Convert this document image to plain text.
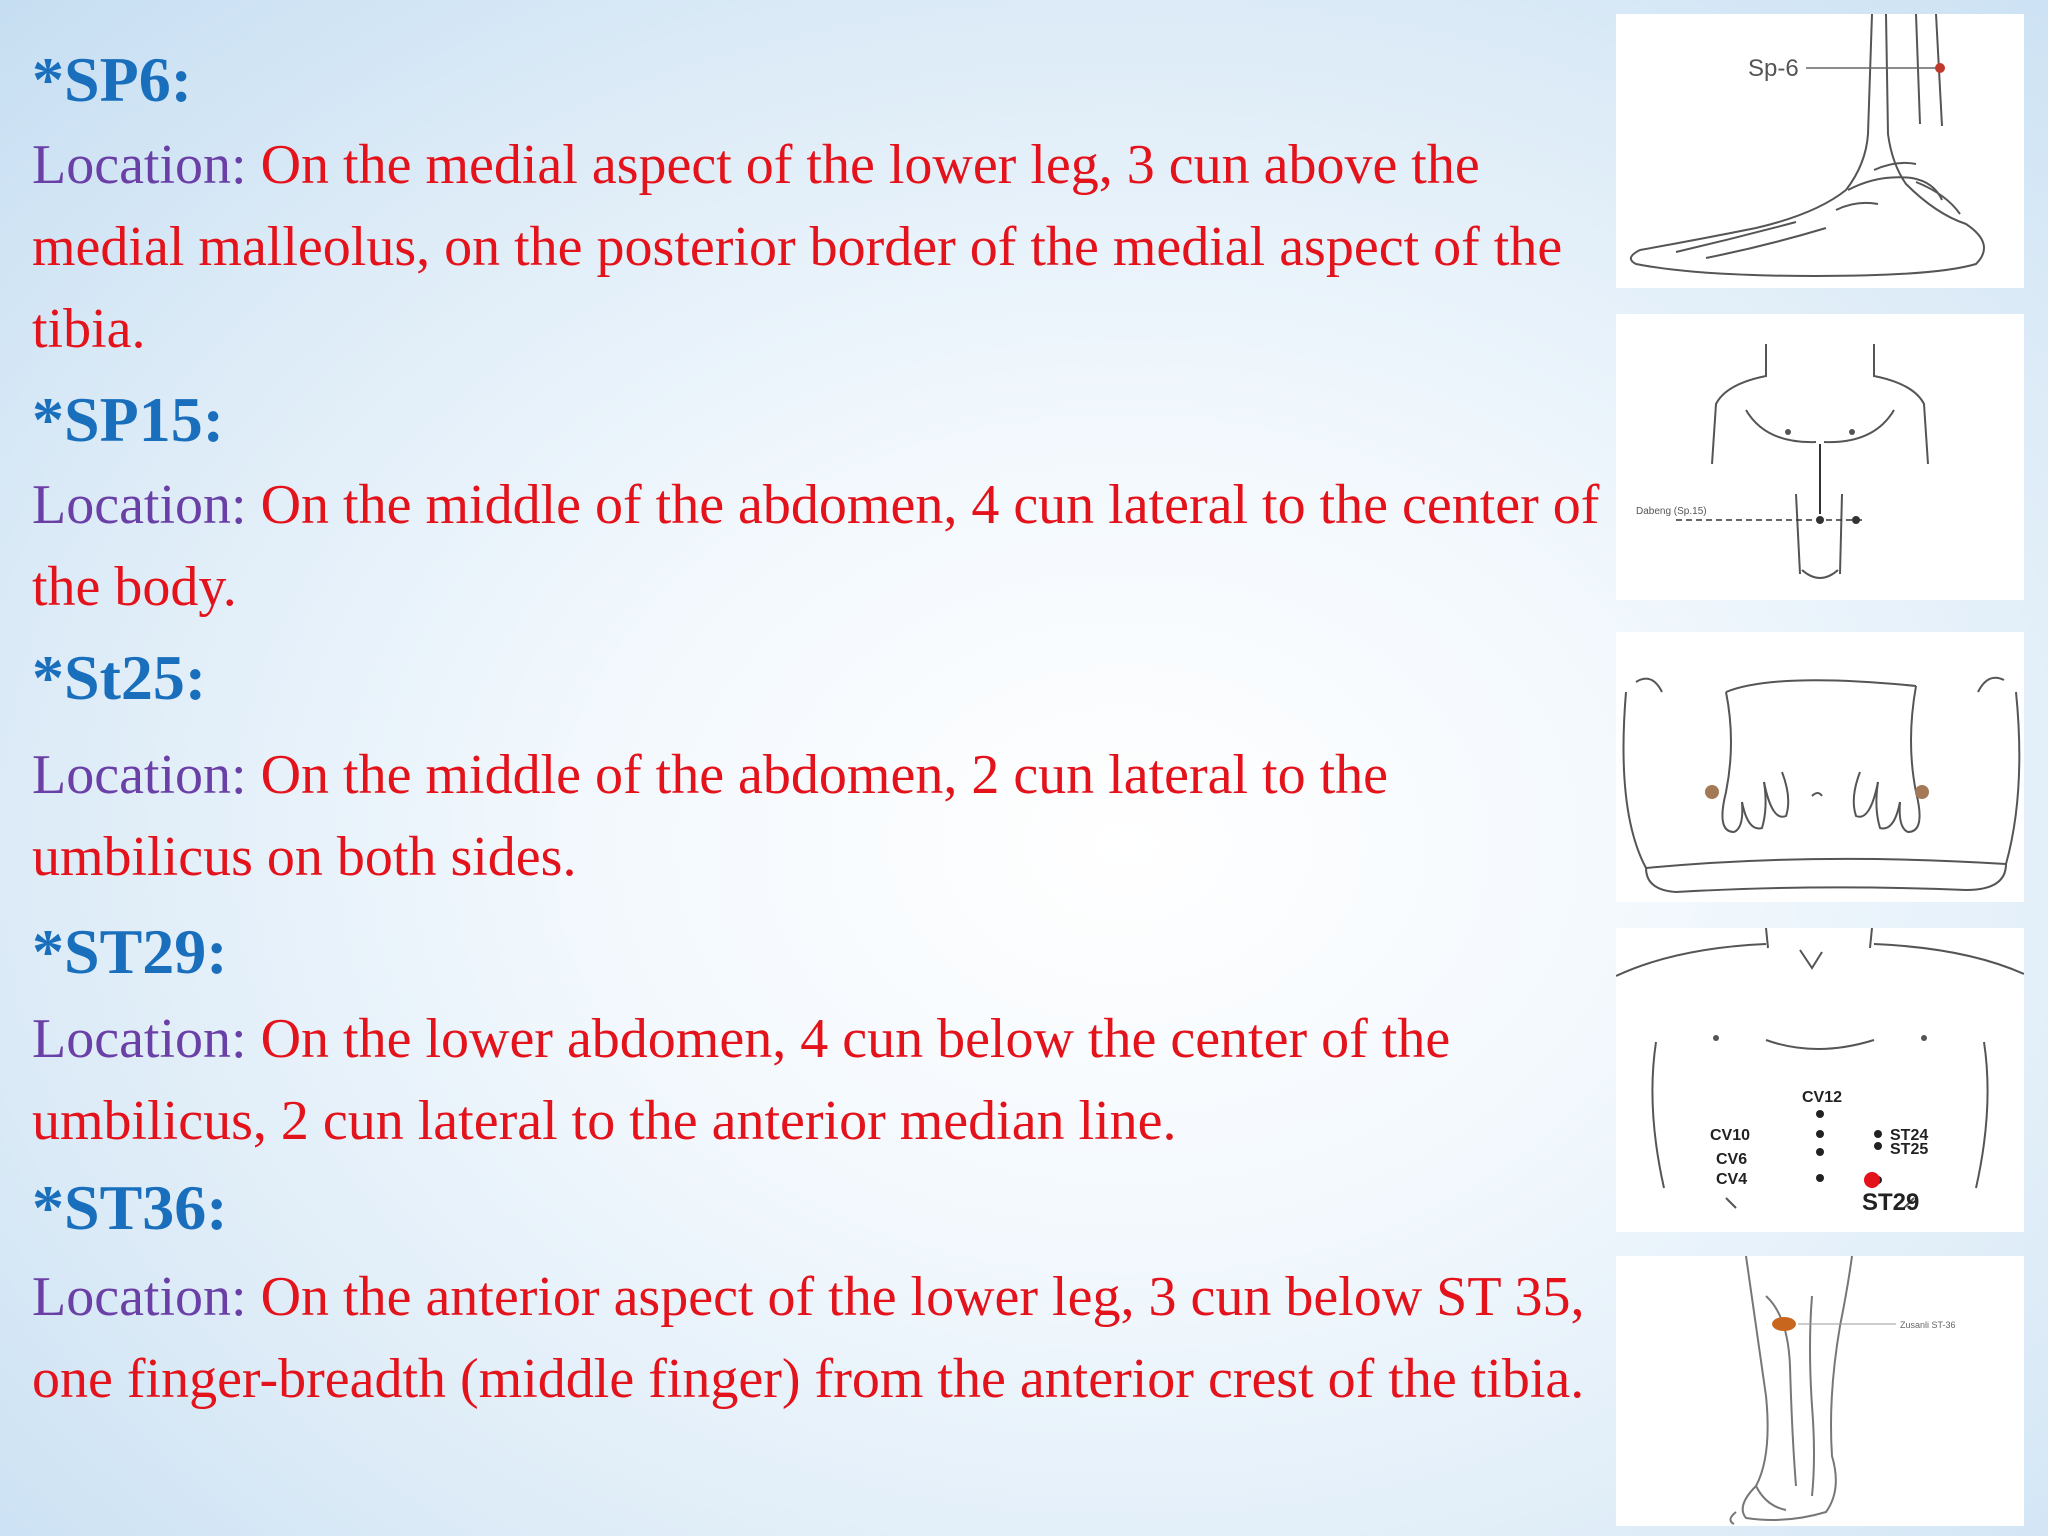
*SP6:

Location: On the medial aspect of the lower leg, 3 cun above the medial malleolus, on the posterior border of the medial aspect of the tibia.

*SP15:

Location: On the middle of the abdomen, 4 cun lateral to the center of the body.

*St25:

Location: On the middle of the abdomen, 2 cun lateral to the umbilicus on both sides.

*ST29:

Location: On the lower abdomen, 4 cun below the center of the umbilicus, 2 cun lateral to the anterior median line.

*ST36:

Location: On the anterior aspect of the lower leg, 3 cun below ST 35, one finger-breadth (middle finger) from the anterior crest of the tibia.

Sp-6
Dabeng (Sp.15)
CV12
CV10
CV6
CV4
ST24
ST25
ST29
Zusanli ST-36
